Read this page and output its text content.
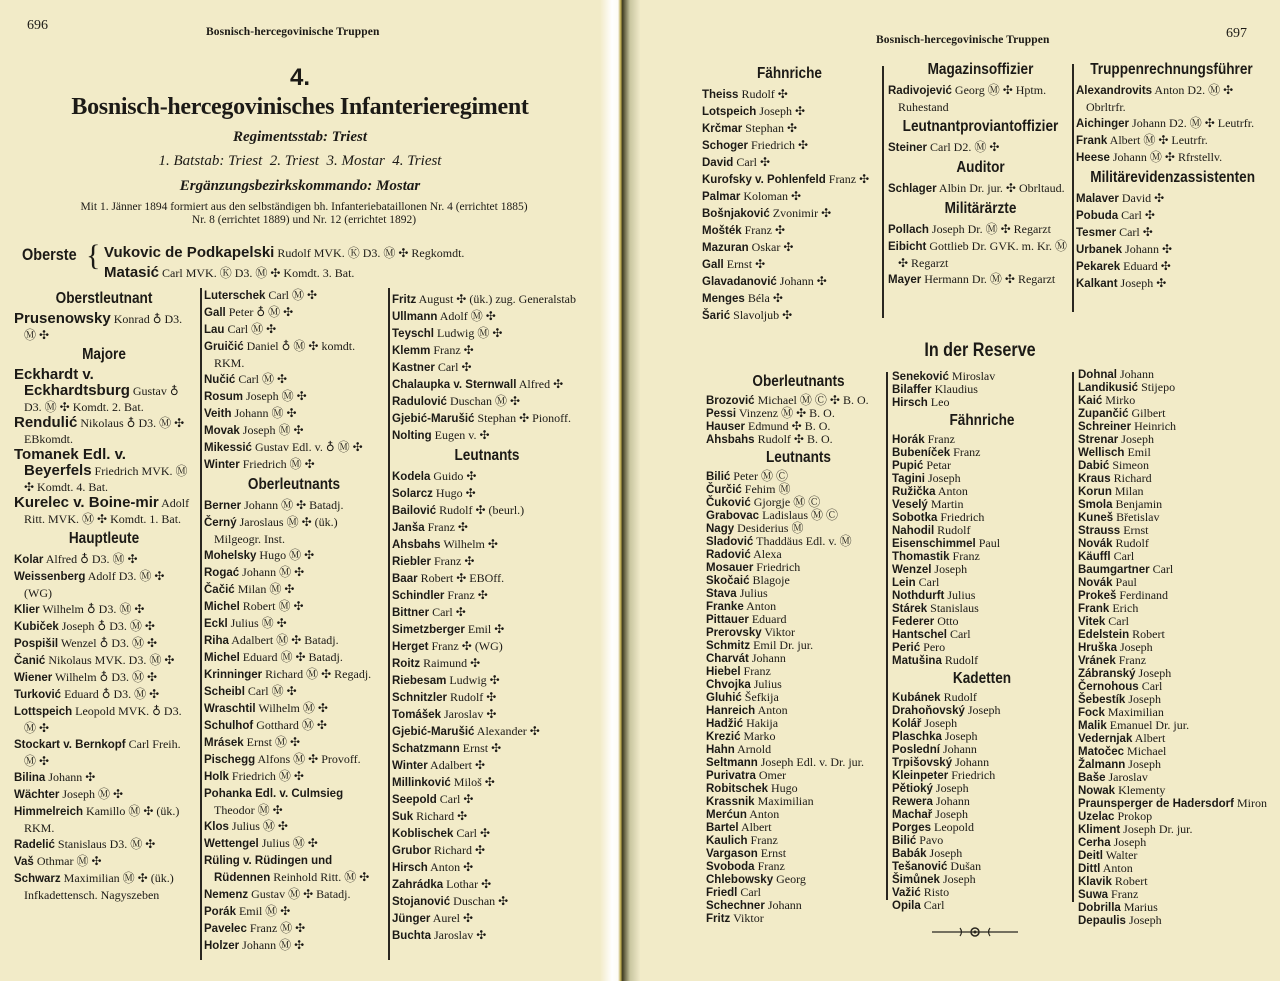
696	Bosnisch-hercegovinische Truppen
4.
Bosnisch-hercegovinisches Infanterieregiment
Regimentsstab: Triest
1. Batstab: Triest  2. Triest  3. Mostar  4. Triest
Ergänzungsbezirkskommando: Mostar
Mit 1. Jänner 1894 formiert aus den selbständigen bh. Infanteriebataillonen Nr. 4 (errichtet 1885)
Nr. 8 (errichtet 1889) und Nr. 12 (errichtet 1892)
Oberste { Vukovic de Podkapelski Rudolf MVK. Ⓚ D3. Ⓜ ✣ Regkomdt.
Matasić Carl MVK. Ⓚ D3. Ⓜ ✣ Komdt. 3. Bat.
Oberstleutnant
Prusenowsky Konrad ♁ D3. Ⓜ ✣
Majore
Eckhardt v. Eckhardtsburg Gustav ♁ D3. Ⓜ ✣ Komdt. 2. Bat.
Rendulić Nikolaus ♁ D3. Ⓜ ✣ EBkomdt.
Tomanek Edl. v. Beyerfels Friedrich MVK. Ⓜ ✣ Komdt. 4. Bat.
Kurelec v. Boine-mir Adolf Ritt. MVK. Ⓜ ✣ Komdt. 1. Bat.
Hauptleute
Kolar Alfred ♁ D3. Ⓜ ✣
Weissenberg Adolf D3. Ⓜ ✣ (WG)
Klier Wilhelm ♁ D3. Ⓜ ✣
Kubiček Joseph ♁ D3. Ⓜ ✣
Pospišil Wenzel ♁ D3. Ⓜ ✣
Čanić Nikolaus MVK. D3. Ⓜ ✣
Wiener Wilhelm ♁ D3. Ⓜ ✣
Turković Eduard ♁ D3. Ⓜ ✣
Lottspeich Leopold MVK. ♁ D3. Ⓜ ✣
Stockart v. Bernkopf Carl Freih. Ⓜ ✣
Bilina Johann ✣
Wächter Joseph Ⓜ ✣
Himmelreich Kamillo Ⓜ ✣ (ük.) RKM.
Radelić Stanislaus D3. Ⓜ ✣
Vaš Othmar Ⓜ ✣
Schwarz Maximilian Ⓜ ✣ (ük.) Infkadettensch. Nagyszeben
Luterschek Carl Ⓜ ✣
Gall Peter ♁ Ⓜ ✣
Lau Carl Ⓜ ✣
Gruičić Daniel ♁ Ⓜ ✣ komdt. RKM.
Nučić Carl Ⓜ ✣
Rosum Joseph Ⓜ ✣
Veith Johann Ⓜ ✣
Movak Joseph Ⓜ ✣
Mikessić Gustav Edl. v. ♁ Ⓜ ✣
Winter Friedrich Ⓜ ✣
Oberleutnants
Berner Johann Ⓜ ✣ Batadj.
Černý Jaroslaus Ⓜ ✣ (ük.) Milgeogr. Inst.
Mohelsky Hugo Ⓜ ✣
Rogać Johann Ⓜ ✣
Čačić Milan Ⓜ ✣
Michel Robert Ⓜ ✣
Eckl Julius Ⓜ ✣
Riha Adalbert Ⓜ ✣ Batadj.
Michel Eduard Ⓜ ✣ Batadj.
Krinninger Richard Ⓜ ✣ Regadj.
Scheibl Carl Ⓜ ✣
Wraschtil Wilhelm Ⓜ ✣
Schulhof Gotthard Ⓜ ✣
Mrásek Ernst Ⓜ ✣
Pischegg Alfons Ⓜ ✣ Provoff.
Holk Friedrich Ⓜ ✣
Pohanka Edl. v. Culmsieg Theodor Ⓜ ✣
Klos Julius Ⓜ ✣
Wettengel Julius Ⓜ ✣
Rüling v. Rüdingen und Rüdennen Reinhold Ritt. Ⓜ ✣
Nemenz Gustav Ⓜ ✣ Batadj.
Porák Emil Ⓜ ✣
Pavelec Franz Ⓜ ✣
Holzer Johann Ⓜ ✣
Fritz August ✣ (ük.) zug. Generalstab
Ullmann Adolf Ⓜ ✣
Teyschl Ludwig Ⓜ ✣
Klemm Franz ✣
Kastner Carl ✣
Chalaupka v. Sternwall Alfred ✣
Radulović Duschan Ⓜ ✣
Gjebić-Marušić Stephan ✣ Pionoff.
Nolting Eugen v. ✣
Leutnants
Kodela Guido ✣
Solarcz Hugo ✣
Bailović Rudolf ✣ (beurl.)
Janša Franz ✣
Ahsbahs Wilhelm ✣
Riebler Franz ✣
Baar Robert ✣ EBOff.
Schindler Franz ✣
Bittner Carl ✣
Simetzberger Emil ✣
Herget Franz ✣ (WG)
Roitz Raimund ✣
Riebesam Ludwig ✣
Schnitzler Rudolf ✣
Tomášek Jaroslav ✣
Gjebić-Marušić Alexander ✣
Schatzmann Ernst ✣
Winter Adalbert ✣
Millinković Miloš ✣
Seepold Carl ✣
Suk Richard ✣
Koblischek Carl ✣
Grubor Richard ✣
Hirsch Anton ✣
Zahrádka Lothar ✣
Stojanović Duschan ✣
Jünger Aurel ✣
Buchta Jaroslav ✣
Bosnisch-hercegovinische Truppen	697
Fähnriche
Theiss Rudolf ✣
Lotspeich Joseph ✣
Krčmar Stephan ✣
Schoger Friedrich ✣
David Carl ✣
Kurofsky v. Pohlenfeld Franz ✣
Palmar Koloman ✣
Bošnjaković Zvonimir ✣
Mošték Franz ✣
Mazuran Oskar ✣
Gall Ernst ✣
Glavadanović Johann ✣
Menges Béla ✣
Šarić Slavoljub ✣
Magazinsoffizier
Radivojević Georg Ⓜ ✣ Hptm. Ruhestand
Leutnantproviantoffizier
Steiner Carl D2. Ⓜ ✣
Auditor
Schlager Albin Dr. jur. ✣ Obrltaud.
Militärärzte
Pollach Joseph Dr. Ⓜ ✣ Regarzt
Eibicht Gottlieb Dr. GVK. m. Kr. Ⓜ ✣ Regarzt
Mayer Hermann Dr. Ⓜ ✣ Regarzt
Truppenrechnungsführer
Alexandrovits Anton D2. Ⓜ ✣ Obrltrfr.
Aichinger Johann D2. Ⓜ ✣ Leutrfr.
Frank Albert Ⓜ ✣ Leutrfr.
Heese Johann Ⓜ ✣ Rfrstellv.
Militärevidenzassistenten
Malaver David ✣
Pobuda Carl ✣
Tesmer Carl ✣
Urbanek Johann ✣
Pekarek Eduard ✣
Kalkant Joseph ✣
In der Reserve
Oberleutnants
Brozović Michael Ⓜ Ⓒ ✣ B. O.
Pessi Vinzenz Ⓜ ✣ B. O.
Hauser Edmund ✣ B. O.
Ahsbahs Rudolf ✣ B. O.
Leutnants
Bilić Peter Ⓜ Ⓒ
Čurčić Fehim Ⓜ
Čuković Gjorgje Ⓜ Ⓒ
Grabovac Ladislaus Ⓜ Ⓒ
Nagy Desiderius Ⓜ
Sladović Thaddäus Edl. v. Ⓜ
Radović Alexa
Mosauer Friedrich
Skočaić Blagoje
Stava Julius
Franke Anton
Pittauer Eduard
Prerovsky Viktor
Schmitz Emil Dr. jur.
Charvát Johann
Hiebel Franz
Chvojka Julius
Gluhić Šefkija
Hanreich Anton
Hadžić Hakija
Krezić Marko
Hahn Arnold
Seltmann Joseph Edl. v. Dr. jur.
Purivatra Omer
Robitschek Hugo
Krassnik Maximilian
Merćun Anton
Bartel Albert
Kaulich Franz
Vargason Ernst
Svoboda Franz
Chlebowsky Georg
Friedl Carl
Schechner Johann
Fritz Viktor
Seneković Miroslav
Bilaffer Klaudius
Hirsch Leo
Fähnriche
Horák Franz
Bubeníček Franz
Pupić Petar
Tagini Joseph
Ružička Anton
Veselý Martin
Sobotka Friedrich
Nahodil Rudolf
Eisenschimmel Paul
Thomastik Franz
Wenzel Joseph
Lein Carl
Nothdurft Julius
Stárek Stanislaus
Federer Otto
Hantschel Carl
Perić Pero
Matušina Rudolf
Kadetten
Kubánek Rudolf
Drahoňovský Joseph
Kolář Joseph
Plaschka Joseph
Poslední Johann
Trpišovský Johann
Kleinpeter Friedrich
Pětioký Joseph
Rewera Johann
Machař Joseph
Porges Leopold
Bilić Pavo
Babák Joseph
Tešanović Dušan
Šimůnek Joseph
Važić Risto
Opila Carl
Dohnal Johann
Landikusić Stijepo
Kaić Mirko
Zupančić Gilbert
Schreiner Heinrich
Strenar Joseph
Wellisch Emil
Dabić Simeon
Kraus Richard
Korun Milan
Smola Benjamin
Kuneš Břetislav
Strauss Ernst
Novák Rudolf
Käuffl Carl
Baumgartner Carl
Novák Paul
Prokeš Ferdinand
Frank Erich
Vitek Carl
Edelstein Robert
Hruška Joseph
Vránek Franz
Zábranský Joseph
Černohous Carl
Šebestík Joseph
Fock Maximilian
Malik Emanuel Dr. jur.
Vedernjak Albert
Matočec Michael
Žalmann Joseph
Baše Jaroslav
Nowak Klementy
Praunsperger de Hadersdorf Miron
Uzelac Prokop
Kliment Joseph Dr. jur.
Cerha Joseph
Deitl Walter
Dittl Anton
Klavik Robert
Suwa Franz
Dobrilla Marius
Depaulis Joseph
